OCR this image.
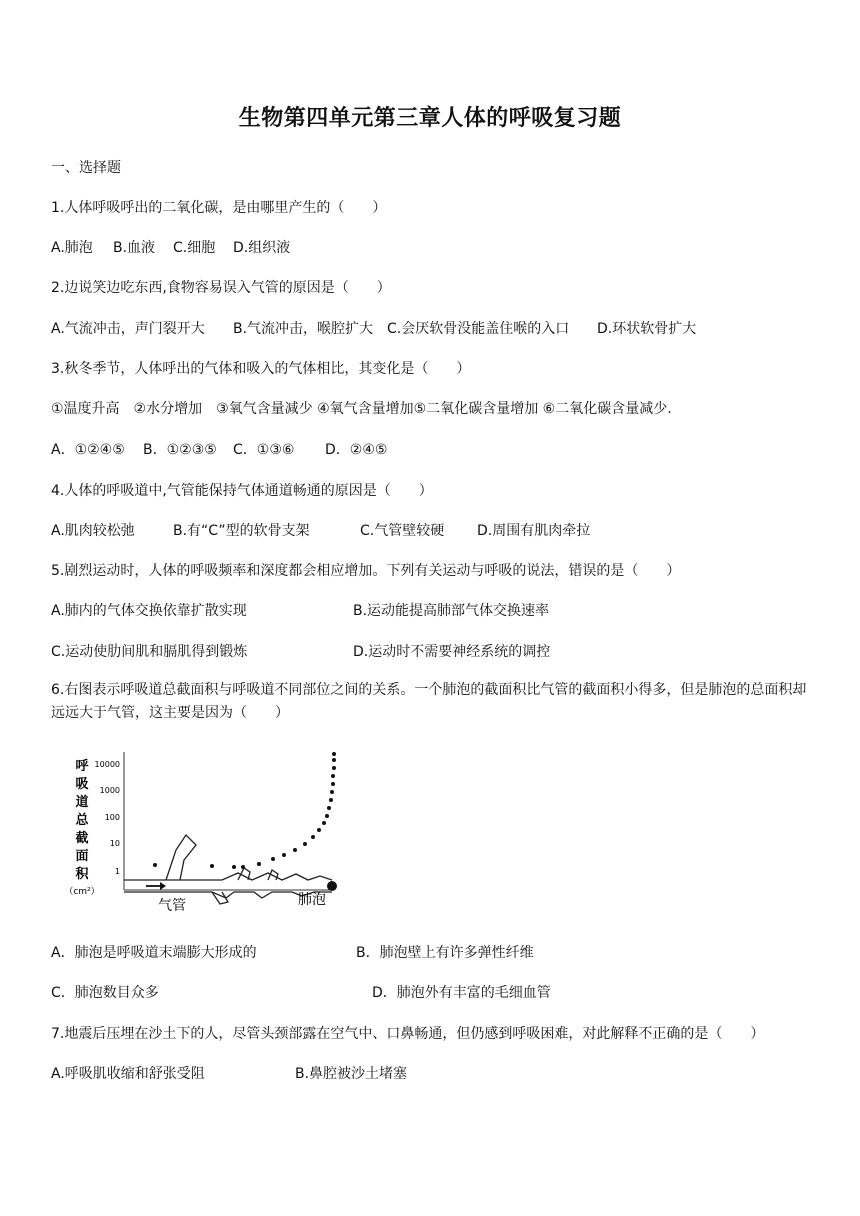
生物第四单元第三章人体的呼吸复习题
一、选择题
1.人体呼吸呼出的二氧化碳，是由哪里产生的（　　）
A.肺泡 B.血液 C.细胞 D.组织液
2.边说笑边吃东西,食物容易误入气管的原因是（　　）
A.气流冲击，声门裂开大 B.气流冲击，喉腔扩大 C.会厌软骨没能盖住喉的入口 D.环状软骨扩大
3.秋冬季节，人体呼出的气体和吸入的气体相比，其变化是（　　）
①温度升高　②水分增加　③氧气含量减少 ④氧气含量增加⑤二氧化碳含量增加 ⑥二氧化碳含量减少.
A．①②④⑤ B．①②③⑤ C．①③⑥ D．②④⑤
4.人体的呼吸道中,气管能保持气体通道畅通的原因是（　　）
A.肌肉较松弛	B.有“C”型的软骨支架	C.气管壁较硬 D.周围有肌肉牵拉
5.剧烈运动时，人体的呼吸频率和深度都会相应增加。下列有关运动与呼吸的说法，错误的是（　　）
A.肺内的气体交换依靠扩散实现	B.运动能提高肺部气体交换速率
C.运动使肋间肌和膈肌得到锻炼	D.运动时不需要神经系统的调控
6.右图表示呼吸道总截面积与呼吸道不同部位之间的关系。一个肺泡的截面积比气管的截面积小得多，但是肺泡的总面积却远远大于气管，这主要是因为（　　）
呼
吸
道
总
截
面
积
（cm²）
10000
1000
100
10
1
气管	肺泡
A．肺泡是呼吸道末端膨大形成的	B．肺泡壁上有许多弹性纤维
C．肺泡数目众多	D．肺泡外有丰富的毛细血管
7.地震后压埋在沙土下的人，尽管头颈部露在空气中、口鼻畅通，但仍感到呼吸困难，对此解释不正确的是（　　）
A.呼吸肌收缩和舒张受阻	B.鼻腔被沙土堵塞
